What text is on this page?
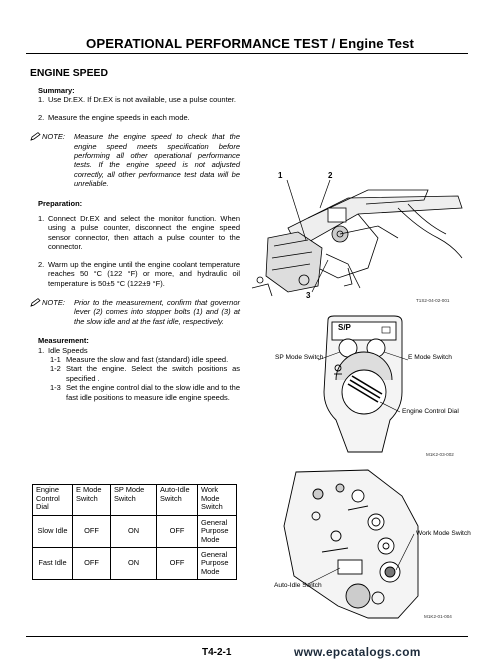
OPERATIONAL PERFORMANCE TEST / Engine Test
ENGINE SPEED

Summary:

1. Use Dr.EX. If Dr.EX is not available, use a pulse counter.
2. Measure the engine speeds in each mode.
NOTE:	Measure the engine speed to check that the engine speed meets specification before performing all other operational performance tests. If the engine speed is not adjusted correctly, all other performance test data will be unreliable.

Preparation:

1. Connect Dr.EX and select the monitor function. When using a pulse counter, disconnect the engine speed sensor connector, then attach a pulse counter to the connector.
2. Warm up the engine until the engine coolant temperature reaches 50 °C (122 °F) or more, and hydraulic oil temperature is 50±5 °C (122±9 °F).
NOTE:	Prior to the measurement, confirm that governor lever (2) comes into stopper bolts (1) and (3) at the slow idle and at the fast idle, respectively.

Measurement:

1. Idle Speeds
1-1 Measure the slow and fast (standard) idle speed.
1-2 Start the engine. Select the switch positions as specified .
1-3 Set the engine control dial to the slow idle and to the fast idle positions to measure idle engine speeds.
Engine Control Dial	E Mode Switch	SP Mode Switch	Auto-Idle Switch	Work Mode Switch
Slow Idle	OFF	ON	OFF	General Purpose Mode
Fast Idle	OFF	ON	OFF	General Purpose Mode
1	2
3
T1S2-04-02-001
S/P
SP Mode Switch	E Mode Switch
Engine Control Dial
M1K2-03-002
Work Mode Switch
Auto-Idle Switch
M1K2-01-004
T4-2-1	www.epcatalogs.com
